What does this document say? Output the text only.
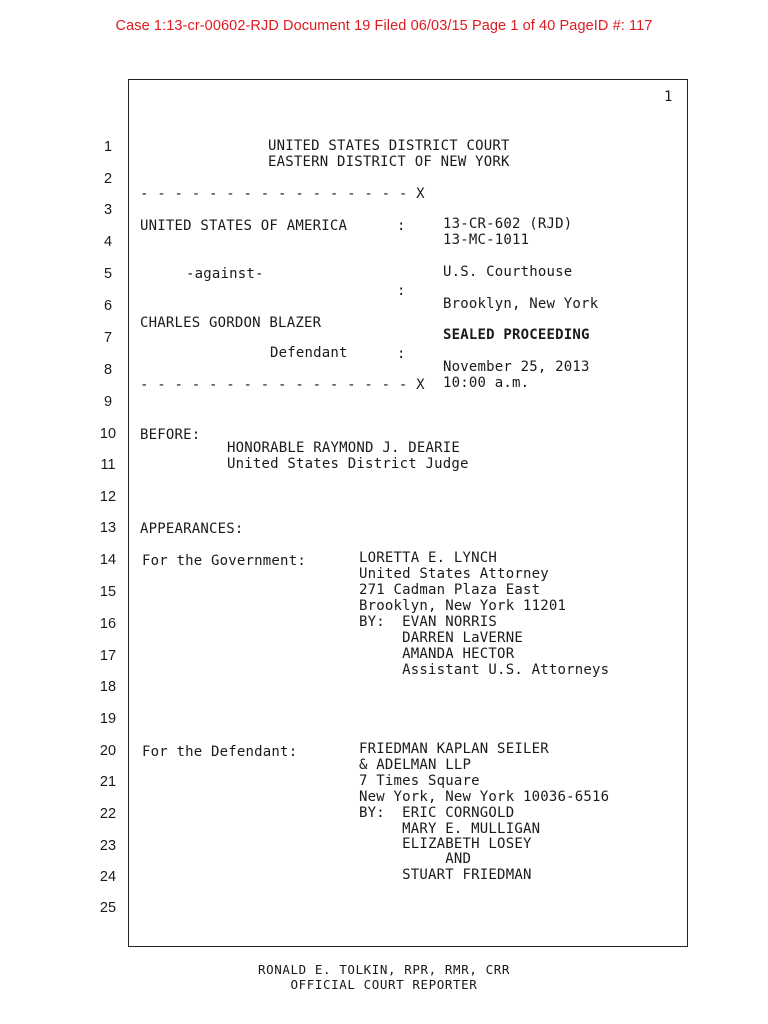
Case 1:13-cr-00602-RJD Document 19 Filed 06/03/15 Page 1 of 40 PageID #: 117
1
1
2
3
4
5
6
7
8
9
10
11
12
13
14
15
16
17
18
19
20
21
22
23
24
25
UNITED STATES DISTRICT COURT
EASTERN DISTRICT OF NEW YORK
- - - - - - - - - - - - - - - - X
UNITED STATES OF AMERICA	:	13-CR-602 (RJD)
13-MC-1011
-against-	U.S. Courthouse
:
Brooklyn, New York
CHARLES GORDON BLAZER
SEALED PROCEEDING
Defendant	:
November 25, 2013
10:00 a.m.
- - - - - - - - - - - - - - - - X
BEFORE:
HONORABLE RAYMOND J. DEARIE
United States District Judge
APPEARANCES:
For the Government:	LORETTA E. LYNCH
United States Attorney
271 Cadman Plaza East
Brooklyn, New York 11201
BY:  EVAN NORRIS
DARREN LaVERNE
AMANDA HECTOR
Assistant U.S. Attorneys
For the Defendant:	FRIEDMAN KAPLAN SEILER
& ADELMAN LLP
7 Times Square
New York, New York 10036-6516
BY:  ERIC CORNGOLD
MARY E. MULLIGAN
ELIZABETH LOSEY
AND
STUART FRIEDMAN
RONALD E. TOLKIN, RPR, RMR, CRR
OFFICIAL COURT REPORTER
